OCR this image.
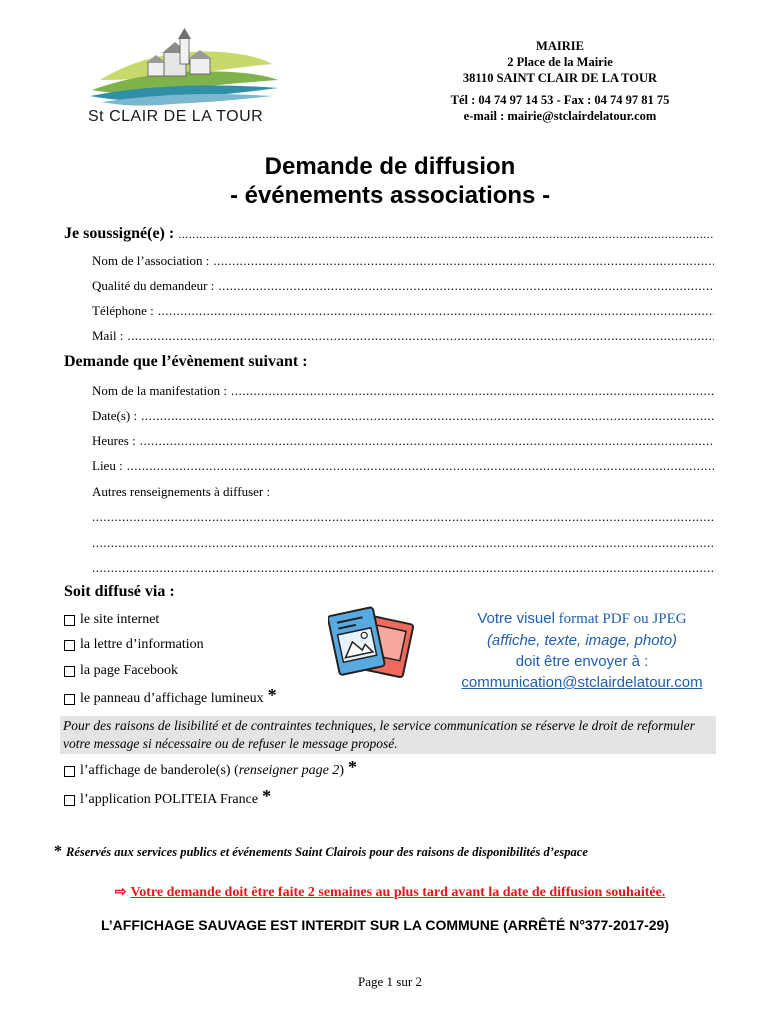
St CLAIR DE LA TOUR
MAIRIE
2 Place de la Mairie
38110 SAINT CLAIR DE LA TOUR
Tél : 04 74 97 14 53 - Fax : 04 74 97 81 75
e-mail : mairie@stclairdelatour.com
Demande de diffusion
- événements associations -
Je soussigné(e) :
.....
Nom de l’association :
.....
Qualité du demandeur :
.....
Téléphone :
.....
Mail :
.....
Demande que l’évènement suivant :
Nom de la manifestation :
.....
Date(s) :
.....
Heures :
.....
Lieu :
.....
Autres renseignements à diffuser :
.....
.....
.....
Soit diffusé via :
le site internet
la lettre d’information
la page Facebook
le panneau d’affichage lumineux *
Votre visuel format PDF ou JPEG
(affiche, texte, image, photo)
doit être envoyer à :
communication@stclairdelatour.com
Pour des raisons de lisibilité et de contraintes techniques, le service communication se réserve le droit de reformuler votre message si nécessaire ou de refuser le message proposé.
l’affichage de banderole(s)
( renseigner page 2 ) *
l’application POLITEIA France *
* Réservés aux services publics et événements Saint Clairois pour des raisons de disponibilités d’espace
⇨ Votre demande doit être faite 2 semaines au plus tard avant la date de diffusion souhaitée.
L’AFFICHAGE SAUVAGE EST INTERDIT SUR LA COMMUNE (ARRÊTÉ N°377-2017-29)
Page 1 sur 2
